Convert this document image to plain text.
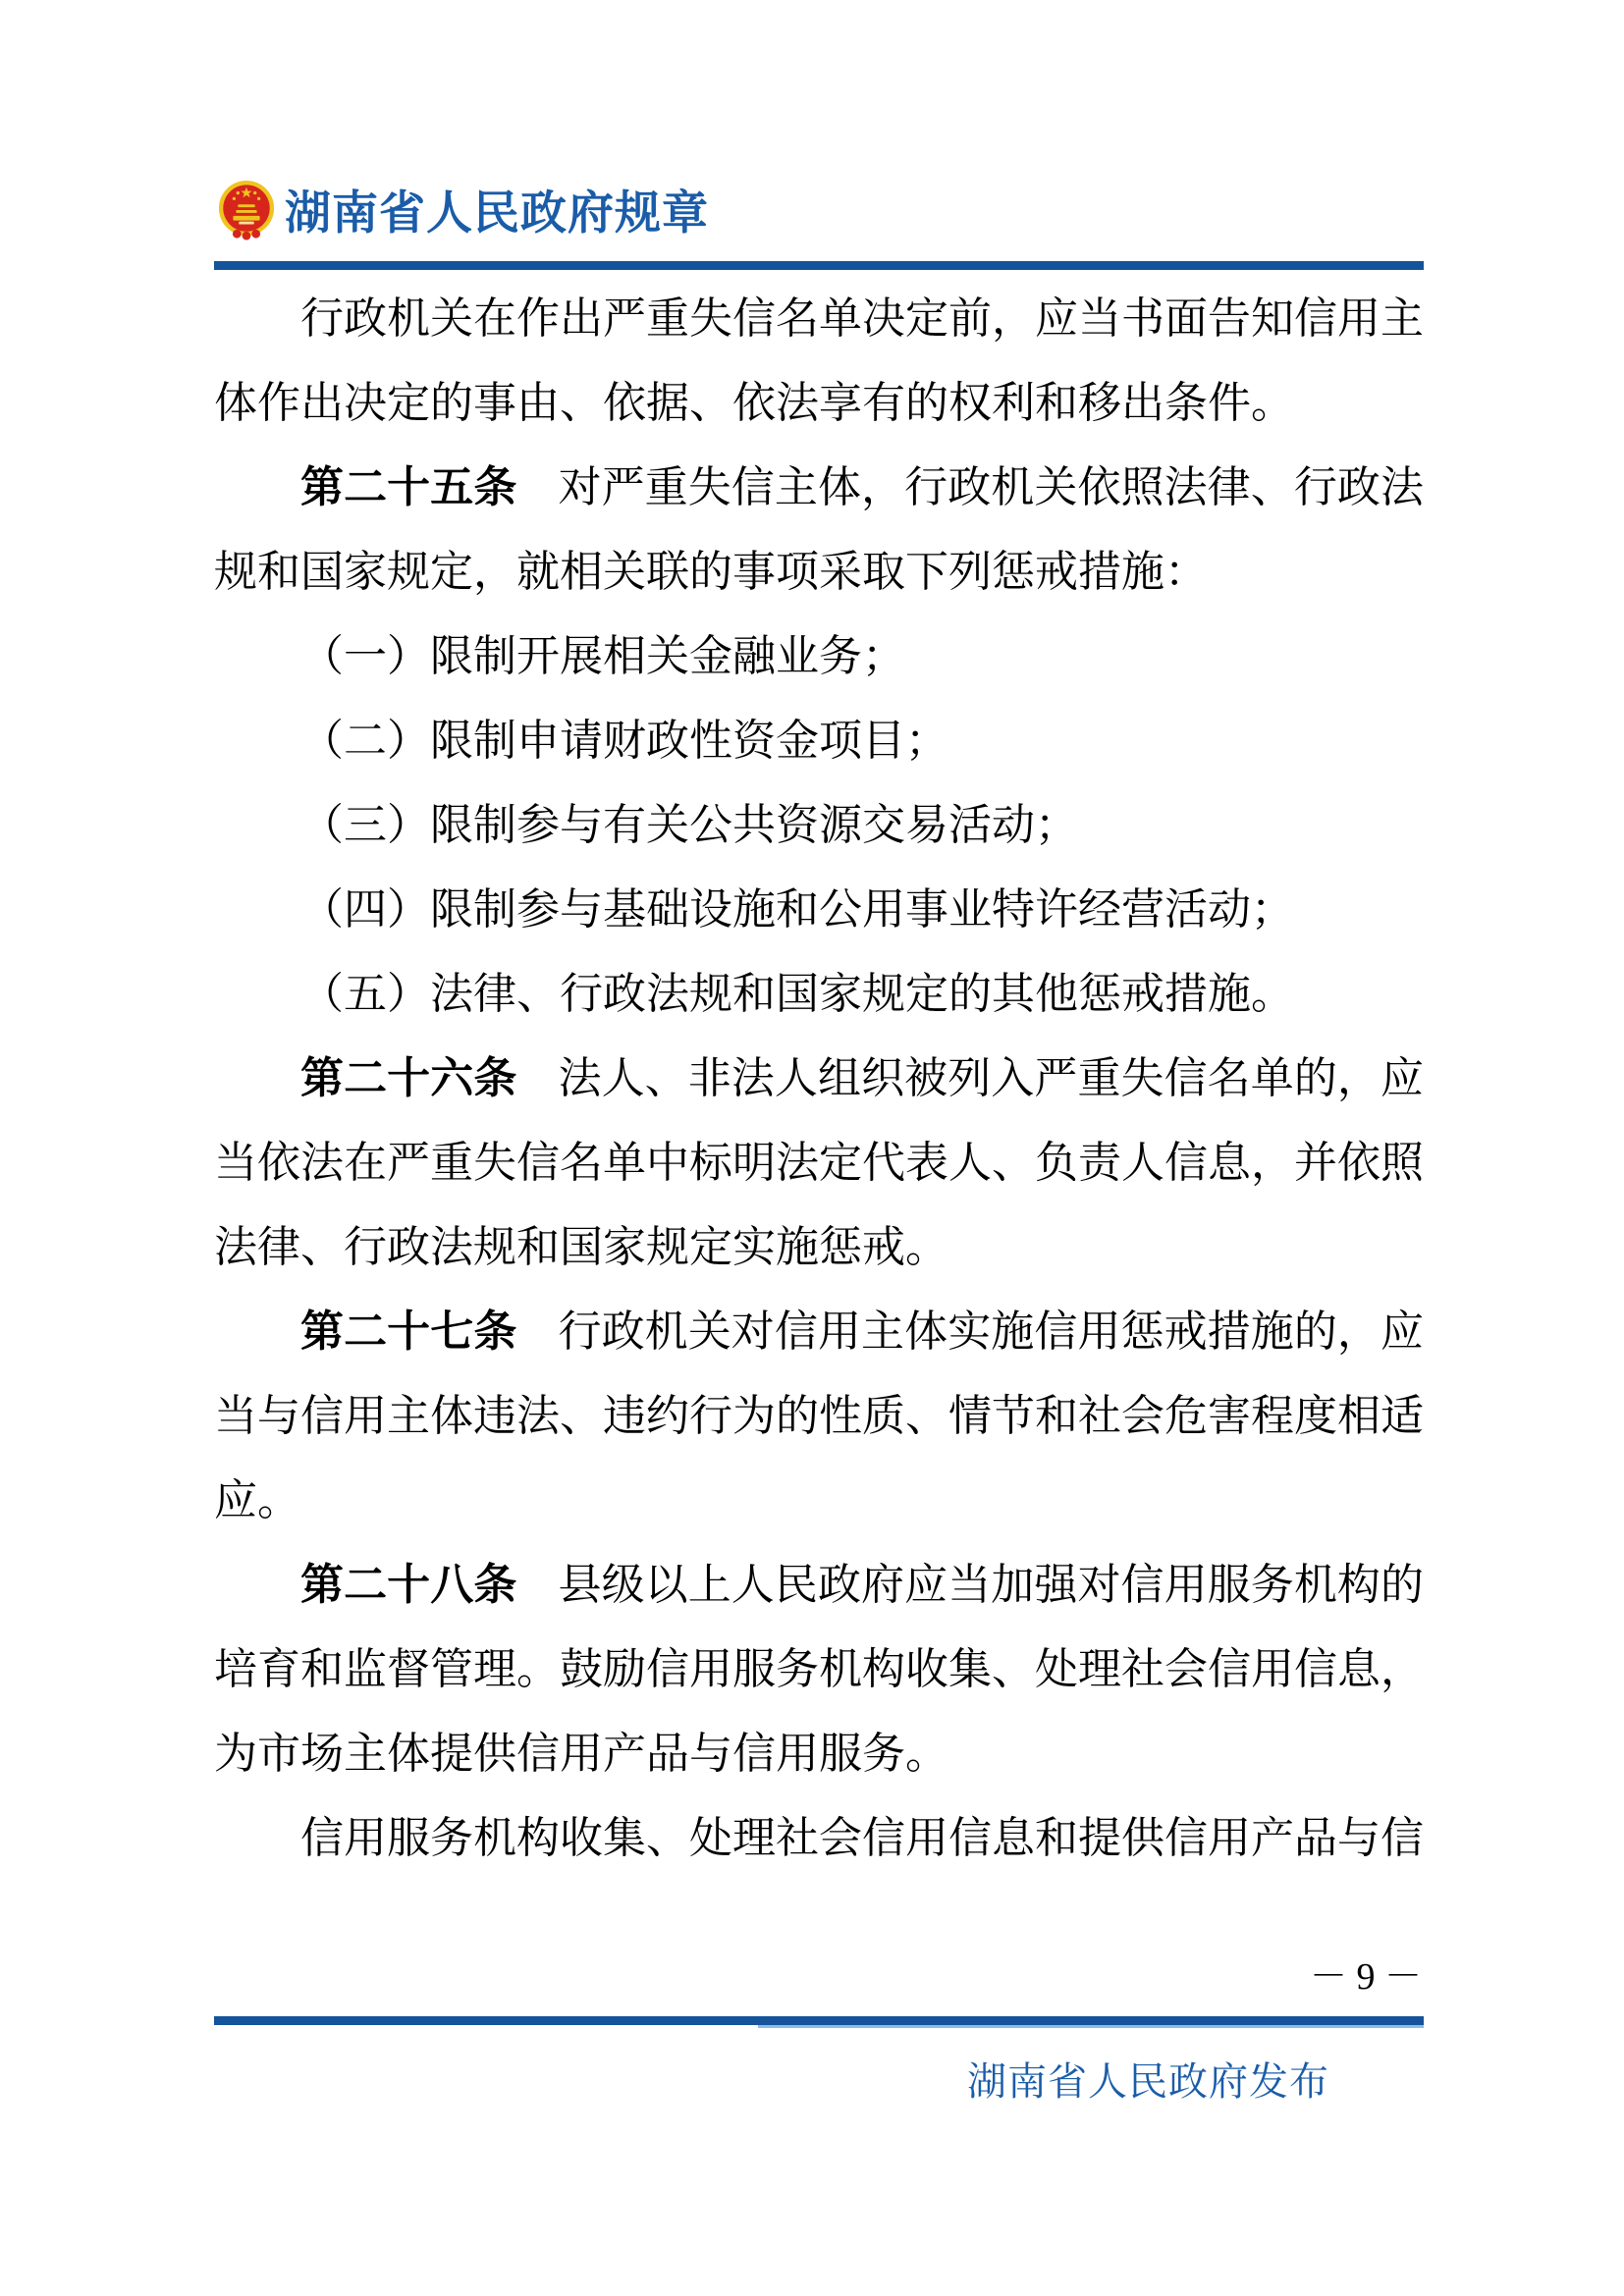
湖南省人民政府规章

行政机关在作出严重失信名单决定前，应当书面告知信用主体作出决定的事由、依据、依法享有的权利和移出条件。

第二十五条 对严重失信主体，行政机关依照法律、行政法规和国家规定，就相关联的事项采取下列惩戒措施：

（一）限制开展相关金融业务；

（二）限制申请财政性资金项目；

（三）限制参与有关公共资源交易活动；

（四）限制参与基础设施和公用事业特许经营活动；

（五）法律、行政法规和国家规定的其他惩戒措施。

第二十六条 法人、非法人组织被列入严重失信名单的，应当依法在严重失信名单中标明法定代表人、负责人信息，并依照法律、行政法规和国家规定实施惩戒。

第二十七条 行政机关对信用主体实施信用惩戒措施的，应当与信用主体违法、违约行为的性质、情节和社会危害程度相适应。

第二十八条 县级以上人民政府应当加强对信用服务机构的培育和监督管理。鼓励信用服务机构收集、处理社会信用信息，为市场主体提供信用产品与信用服务。

信用服务机构收集、处理社会信用信息和提供信用产品与信

－ 9 －
湖南省人民政府发布
